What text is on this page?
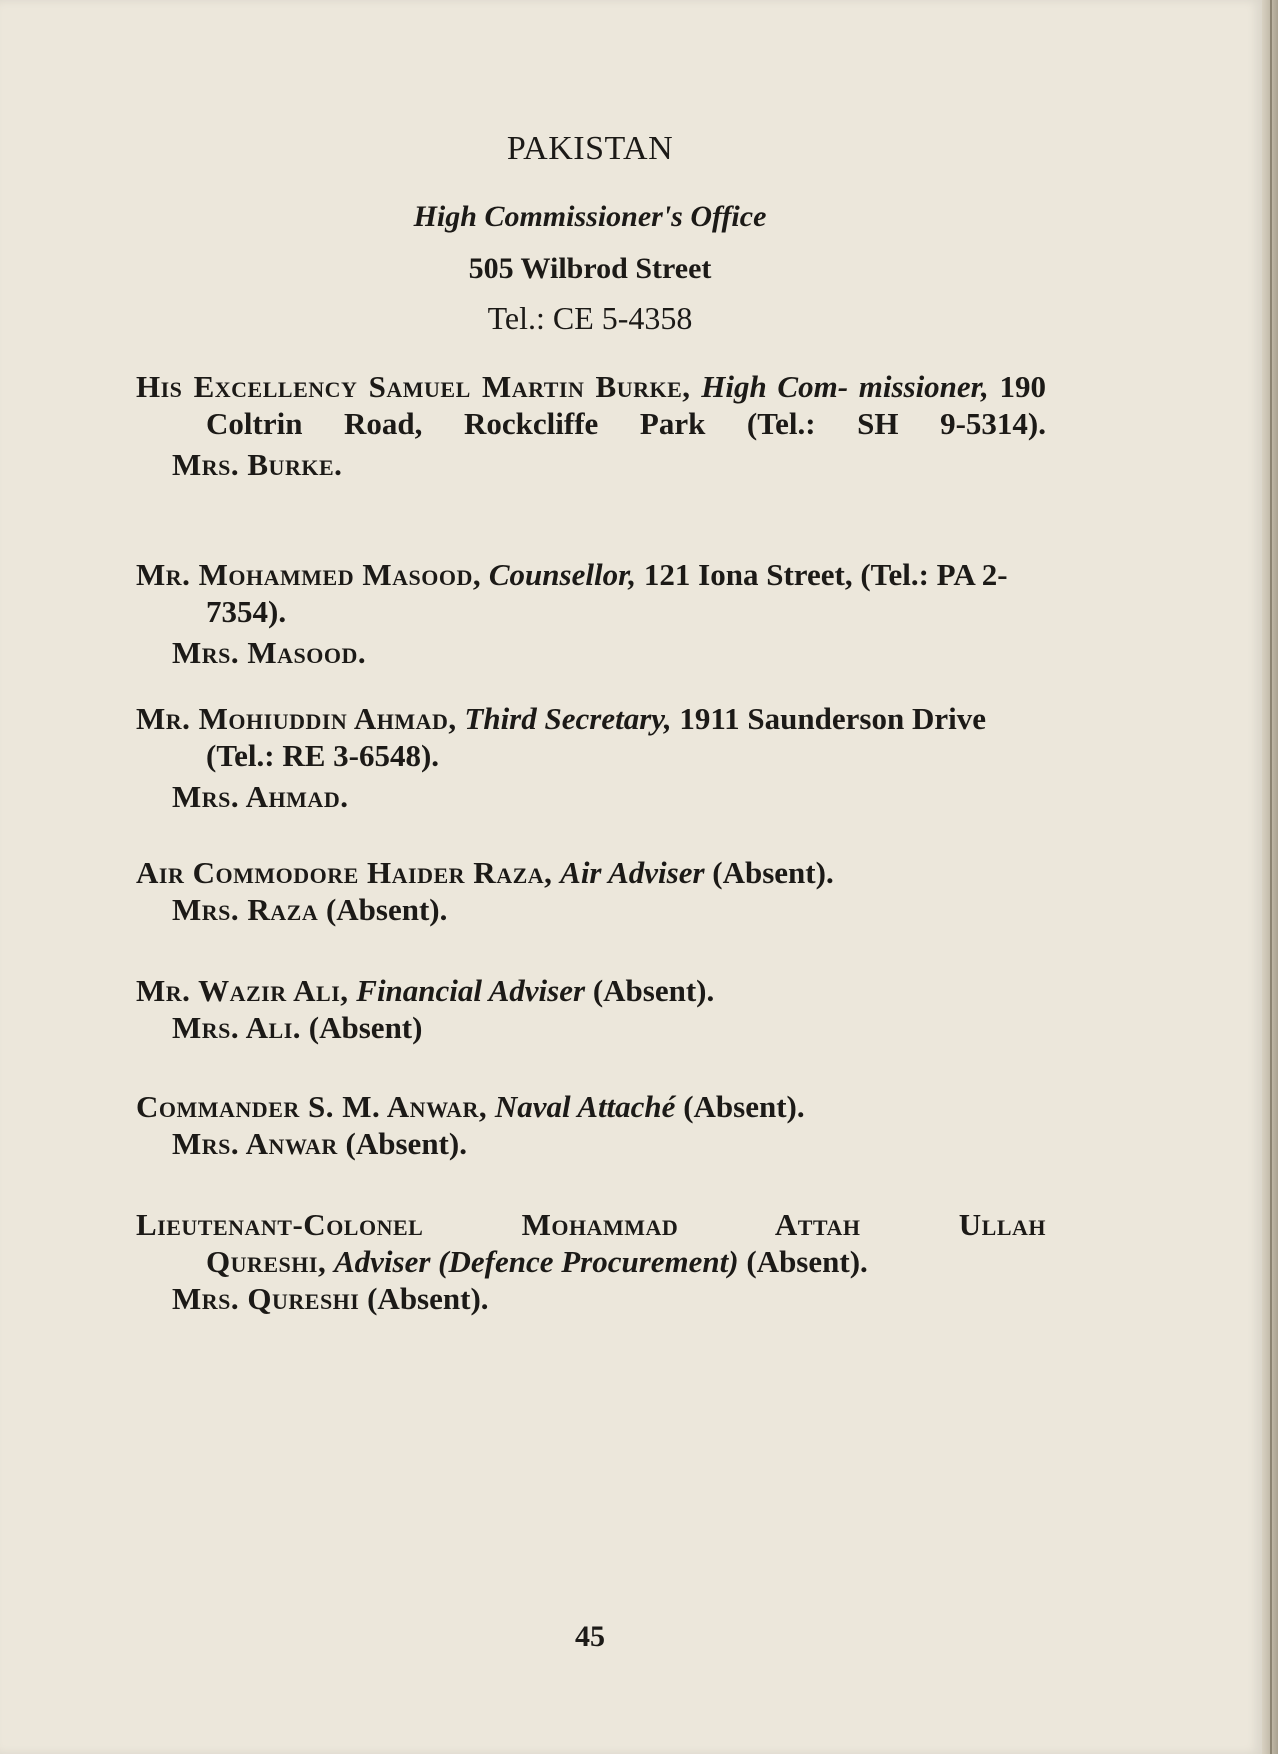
PAKISTAN
High Commissioner's Office
505 Wilbrod Street
Tel.: CE 5-4358
His Excellency Samuel Martin Burke, High Com- missioner, 190 Coltrin Road, Rockcliffe Park (Tel.: SH 9-5314).
Mrs. Burke.
Mr. Mohammed Masood, Counsellor, 121 Iona Street, (Tel.: PA 2-7354).
Mrs. Masood.
Mr. Mohiuddin Ahmad, Third Secretary, 1911 Saunderson Drive (Tel.: RE 3-6548).
Mrs. Ahmad.
Air Commodore Haider Raza, Air Adviser (Absent).
Mrs. Raza (Absent).
Mr. Wazir Ali, Financial Adviser (Absent).
Mrs. Ali. (Absent)
Commander S. M. Anwar, Naval Attaché (Absent).
Mrs. Anwar (Absent).
Lieutenant-Colonel Mohammad Attah Ullah
Qureshi, Adviser (Defence Procurement) (Absent).
Mrs. Qureshi (Absent).
45
